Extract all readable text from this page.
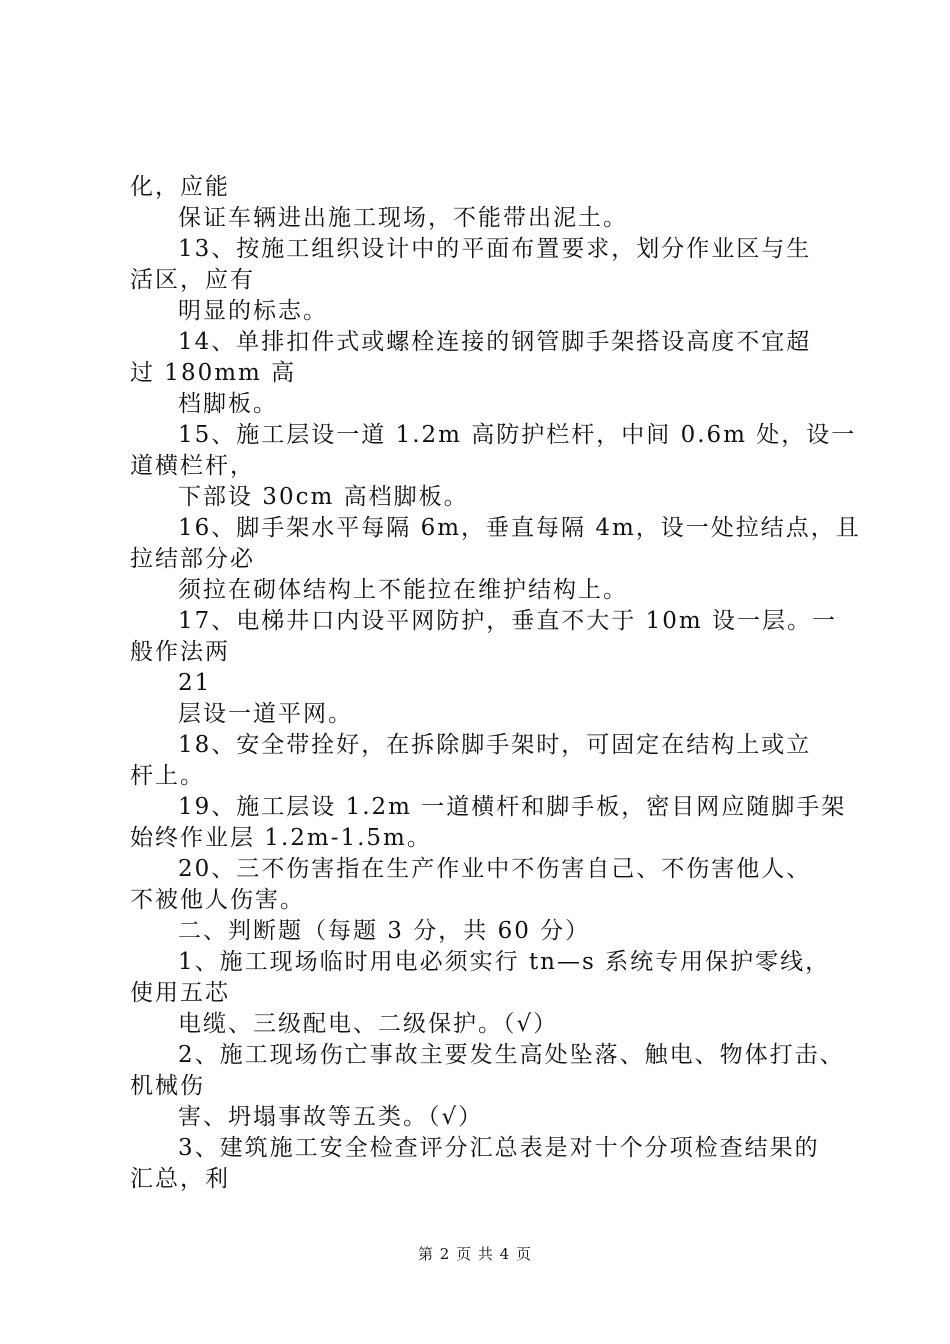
化，应能
保证车辆进出施工现场，不能带出泥土。
13、按施工组织设计中的平面布置要求，划分作业区与生
活区，应有
明显的标志。
14、单排扣件式或螺栓连接的钢管脚手架搭设高度不宜超
过 180mm 高
档脚板。
15、施工层设一道 1.2m 高防护栏杆，中间 0.6m 处，设一
道横栏杆，
下部设 30cm 高档脚板。
16、脚手架水平每隔 6m，垂直每隔 4m，设一处拉结点，且
拉结部分必
须拉在砌体结构上不能拉在维护结构上。
17、电梯井口内设平网防护，垂直不大于 10m 设一层。一
般作法两
21
层设一道平网。
18、安全带拴好，在拆除脚手架时，可固定在结构上或立
杆上。
19、施工层设 1.2m 一道横杆和脚手板，密目网应随脚手架
始终作业层 1.2m-1.5m。
20、三不伤害指在生产作业中不伤害自己、不伤害他人、
不被他人伤害。
二、判断题（每题 3 分，共 60 分）
1、施工现场临时用电必须实行 tn—s 系统专用保护零线，
使用五芯
电缆、三级配电、二级保护。（√）
2、施工现场伤亡事故主要发生高处坠落、触电、物体打击、
机械伤
害、坍塌事故等五类。（√）
3、建筑施工安全检查评分汇总表是对十个分项检查结果的
汇总，利
第 2 页 共 4 页
